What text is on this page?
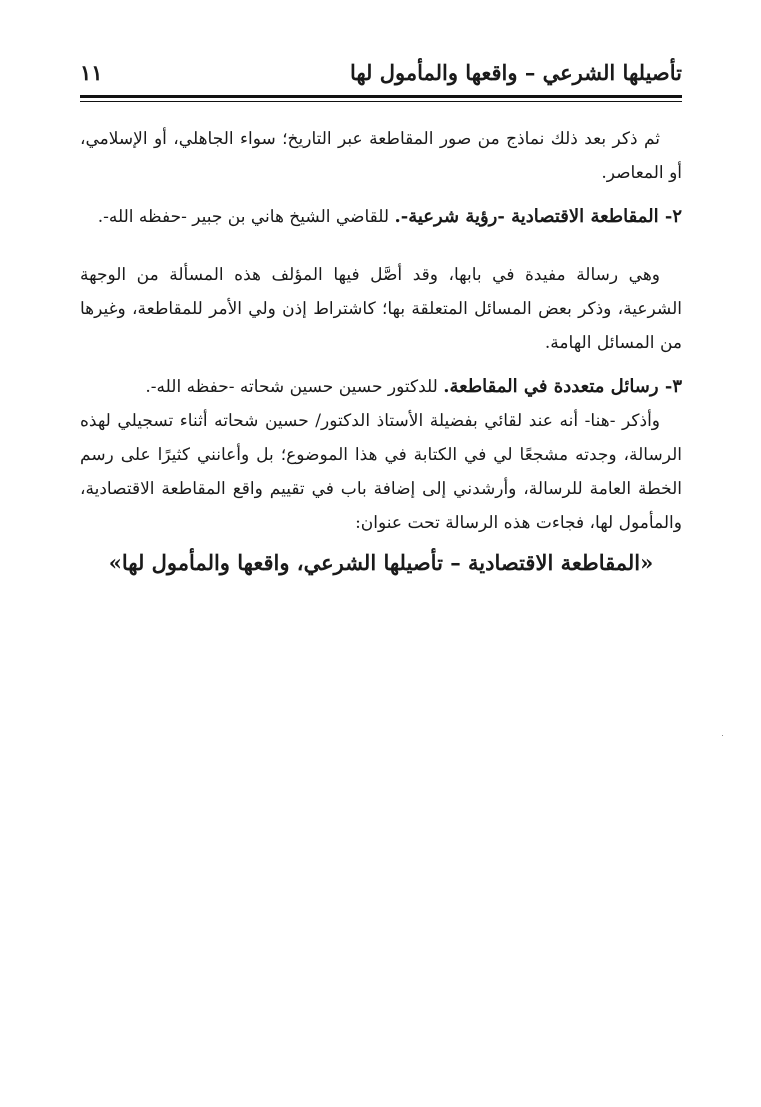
تأصيلها الشرعي – واقعها والمأمول لها
١١

ثم ذكر بعد ذلك نماذج من صور المقاطعة عبر التاريخ؛ سواء الجاهلي، أو الإسلامي، أو المعاصر.

٢- المقاطعة الاقتصادية -رؤية شرعية-. للقاضي الشيخ هاني بن جبير -حفظه الله-.

وهي رسالة مفيدة في بابها، وقد أصَّل فيها المؤلف هذه المسألة من الوجهة الشرعية، وذكر بعض المسائل المتعلقة بها؛ كاشتراط إذن ولي الأمر للمقاطعة، وغيرها من المسائل الهامة.

٣- رسائل متعددة في المقاطعة. للدكتور حسين حسين شحاته -حفظه الله-.

وأذكر -هنا- أنه عند لقائي بفضيلة الأستاذ الدكتور/ حسين شحاته أثناء تسجيلي لهذه الرسالة، وجدته مشجعًا لي في الكتابة في هذا الموضوع؛ بل وأعانني كثيرًا على رسم الخطة العامة للرسالة، وأرشدني إلى إضافة باب في تقييم واقع المقاطعة الاقتصادية، والمأمول لها، فجاءت هذه الرسالة تحت عنوان:

«المقاطعة الاقتصادية – تأصيلها الشرعي، واقعها والمأمول لها»
